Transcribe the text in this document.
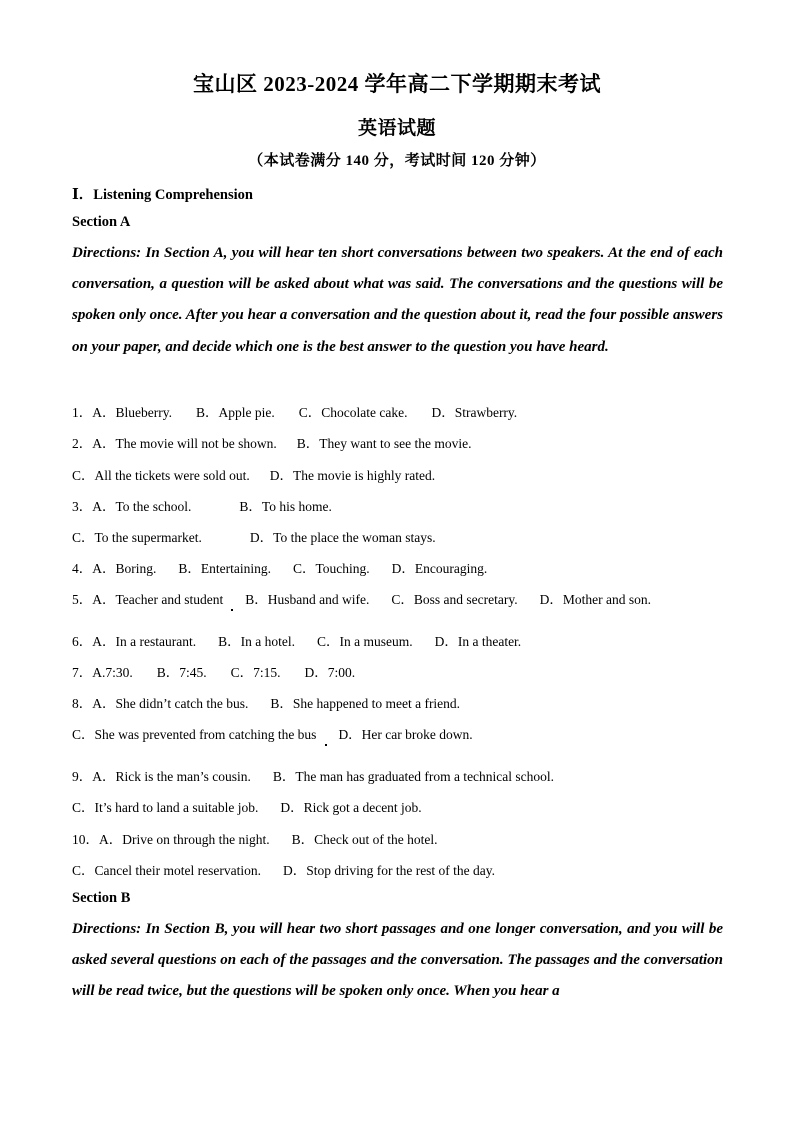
宝山区 2023-2024 学年高二下学期期末考试
英语试题
（本试卷满分 140 分，考试时间 120 分钟）
Ⅰ．Listening Comprehension
Section A
Directions: In Section A, you will hear ten short conversations between two speakers. At the end of each conversation, a question will be asked about what was said. The conversations and the questions will be spoken only once. After you hear a conversation and the question about it, read the four possible answers on your paper, and decide which one is the best answer to the question you have heard.
1．A．Blueberry. B．Apple pie. C．Chocolate cake. D．Strawberry.
2．A．The movie will not be shown. B．They want to see the movie.
C．All the tickets were sold out. D．The movie is highly rated.
3．A．To the school.	B．To his home.
C．To the supermarket.	D．To the place the woman stays.
4．A．Boring. B．Entertaining. C．Touching. D．Encouraging.
5．A．Teacher and student B．Husband and wife. C．Boss and secretary. D．Mother and son.
6．A．In a restaurant. B．In a hotel. C．In a museum. D．In a theater.
7．A.7:30. B．7:45. C．7:15. D．7:00.
8．A．She didn’t catch the bus. B．She happened to meet a friend.
C．She was prevented from catching the bus D．Her car broke down.
9．A．Rick is the man’s cousin. B．The man has graduated from a technical school.
C．It’s hard to land a suitable job. D．Rick got a decent job.
10．A．Drive on through the night. B．Check out of the hotel.
C．Cancel their motel reservation. D．Stop driving for the rest of the day.
Section B
Directions: In Section B, you will hear two short passages and one longer conversation, and you will be asked several questions on each of the passages and the conversation. The passages and the conversation will be read twice, but the questions will be spoken only once. When you hear a
